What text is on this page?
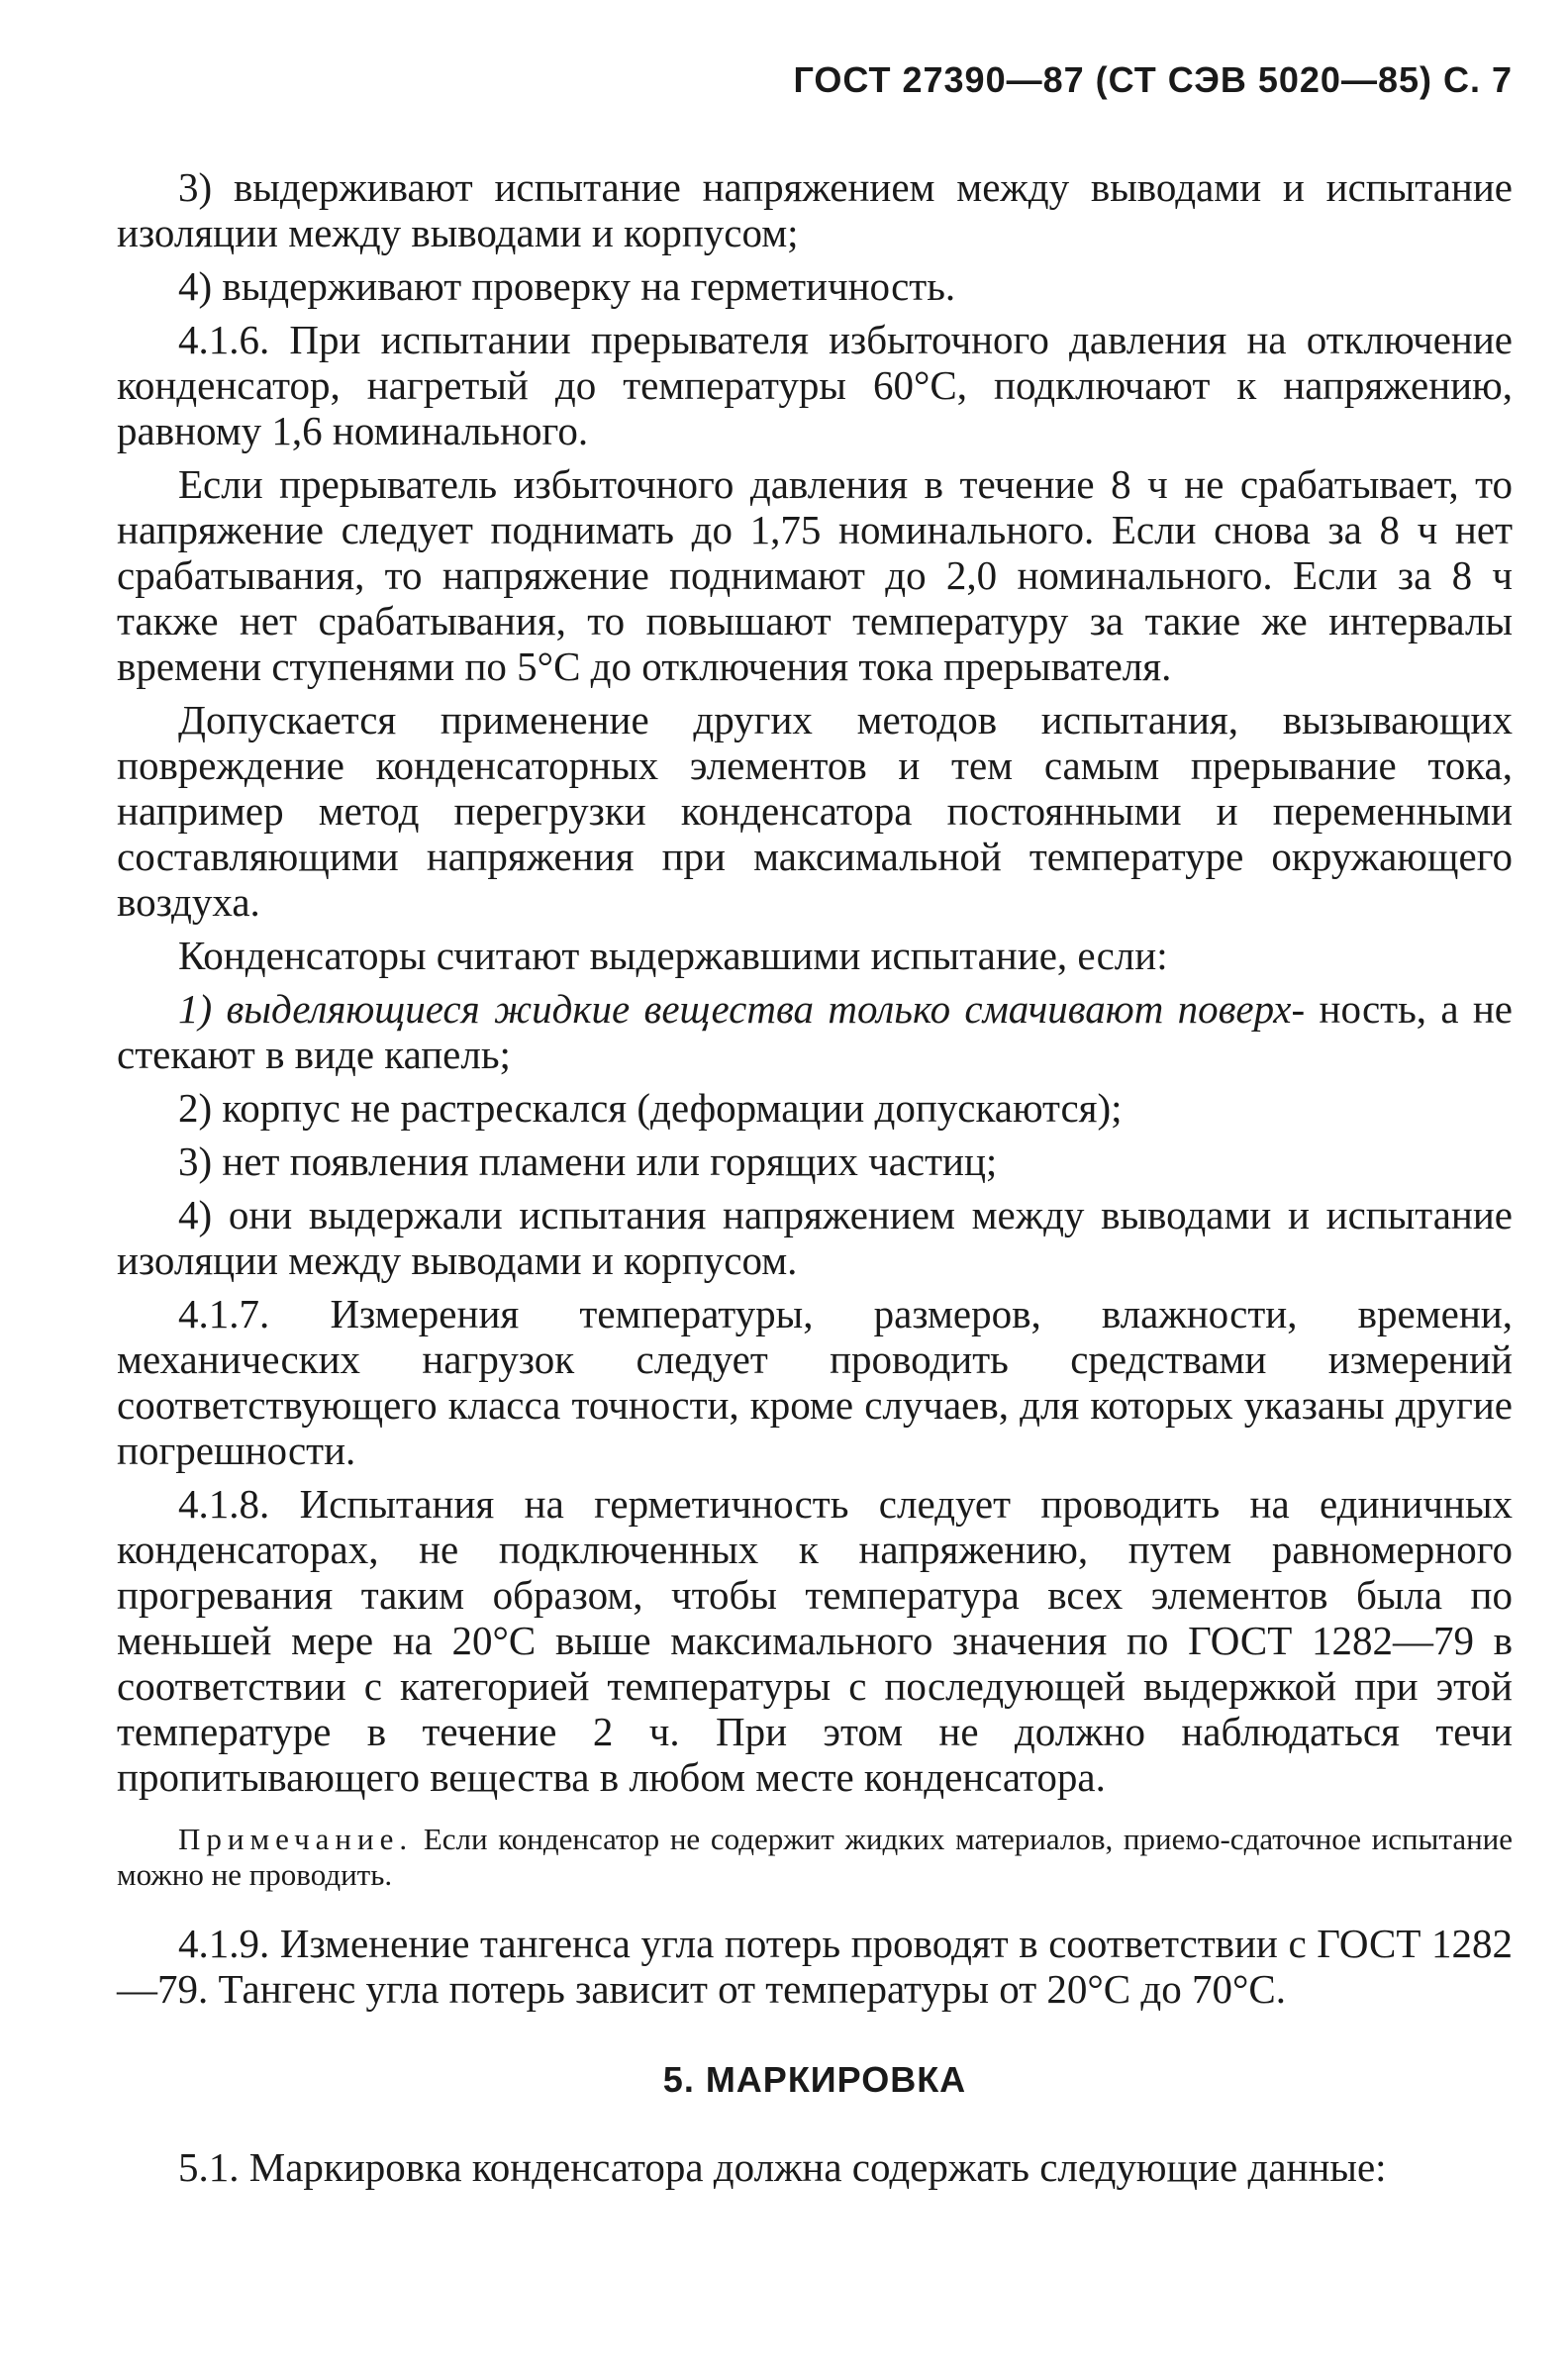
ГОСТ 27390—87 (СТ СЭВ 5020—85) С. 7

3) выдерживают испытание напряжением между выводами и испытание изоляции между выводами и корпусом;

4) выдерживают проверку на герметичность.

4.1.6. При испытании прерывателя избыточного давления на отключение конденсатор, нагретый до температуры 60°С, подключают к напряжению, равному 1,6 номинального.

Если прерыватель избыточного давления в течение 8 ч не срабатывает, то напряжение следует поднимать до 1,75 номинального. Если снова за 8 ч нет срабатывания, то напряжение поднимают до 2,0 номинального. Если за 8 ч также нет срабатывания, то повышают температуру за такие же интервалы времени ступенями по 5°С до отключения тока прерывателя.

Допускается применение других методов испытания, вызывающих повреждение конденсаторных элементов и тем самым прерывание тока, например метод перегрузки конденсатора постоянными и переменными составляющими напряжения при максимальной температуре окружающего воздуха.

Конденсаторы считают выдержавшими испытание, если:

1) выделяющиеся жидкие вещества только смачивают поверх- ность, а не стекают в виде капель;

2) корпус не растрескался (деформации допускаются);

3) нет появления пламени или горящих частиц;

4) они выдержали испытания напряжением между выводами и испытание изоляции между выводами и корпусом.

4.1.7. Измерения температуры, размеров, влажности, времени, механических нагрузок следует проводить средствами измерений соответствующего класса точности, кроме случаев, для которых указаны другие погрешности.

4.1.8. Испытания на герметичность следует проводить на единичных конденсаторах, не подключенных к напряжению, путем равномерного прогревания таким образом, чтобы температура всех элементов была по меньшей мере на 20°С выше максимального значения по ГОСТ 1282—79 в соответствии с категорией температуры с последующей выдержкой при этой температуре в течение 2 ч. При этом не должно наблюдаться течи пропитывающего вещества в любом месте конденсатора.

Примечание. Если конденсатор не содержит жидких материалов, приемо-сдаточное испытание можно не проводить.

4.1.9. Изменение тангенса угла потерь проводят в соответствии с ГОСТ 1282—79. Тангенс угла потерь зависит от температуры от 20°С до 70°С.

5. МАРКИРОВКА

5.1. Маркировка конденсатора должна содержать следующие данные:
